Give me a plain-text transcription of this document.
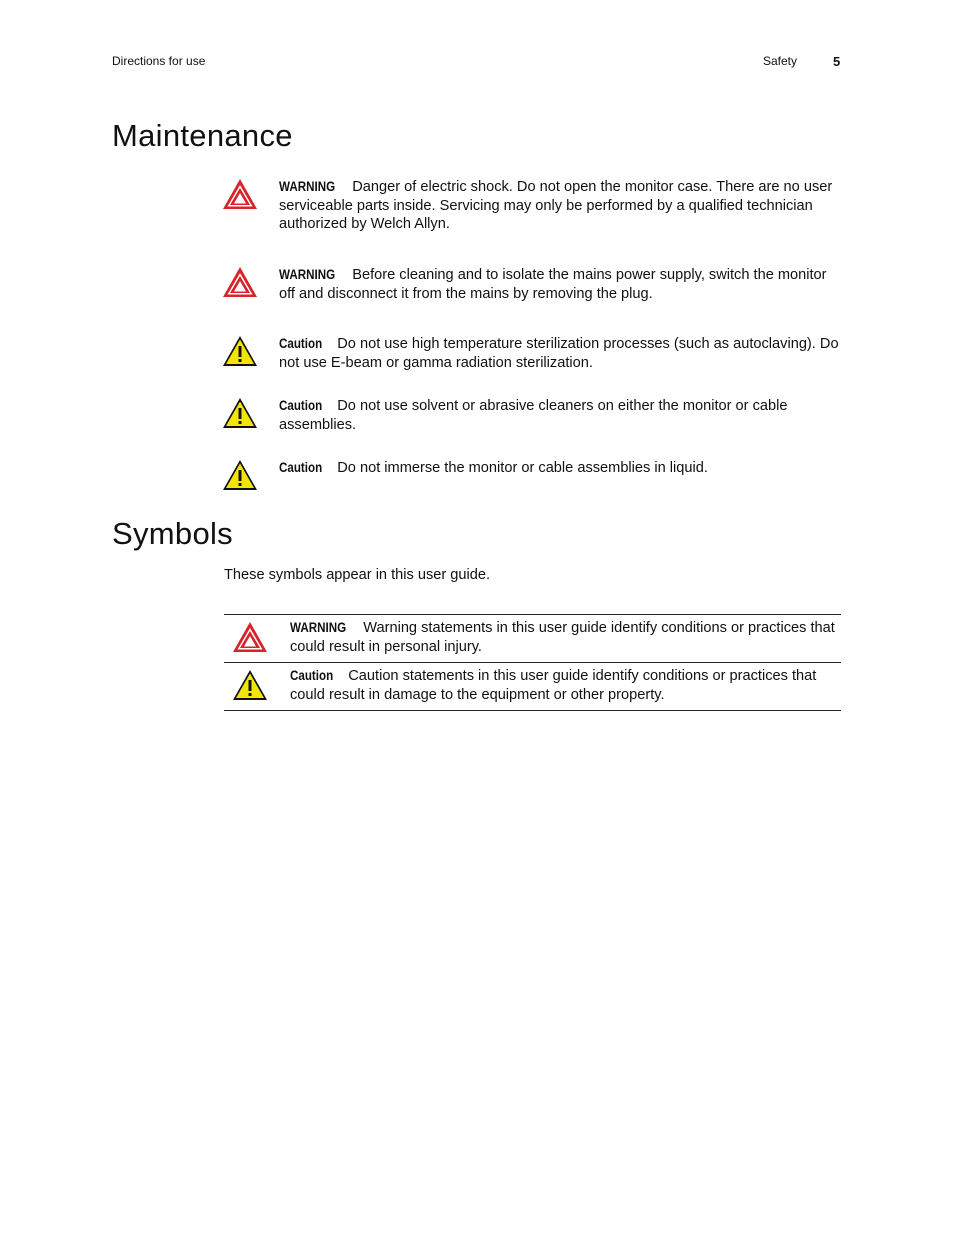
Directions for use	Safety	5
Maintenance
WARNING Danger of electric shock. Do not open the monitor case. There are no user serviceable parts inside. Servicing may only be performed by a qualified technician authorized by Welch Allyn.
WARNING Before cleaning and to isolate the mains power supply, switch the monitor off and disconnect it from the mains by removing the plug.
Caution Do not use high temperature sterilization processes (such as autoclaving). Do not use E-beam or gamma radiation sterilization.
Caution Do not use solvent or abrasive cleaners on either the monitor or cable assemblies.
Caution Do not immerse the monitor or cable assemblies in liquid.
Symbols
These symbols appear in this user guide.
WARNING Warning statements in this user guide identify conditions or practices that could result in personal injury.
Caution Caution statements in this user guide identify conditions or practices that could result in damage to the equipment or other property.
